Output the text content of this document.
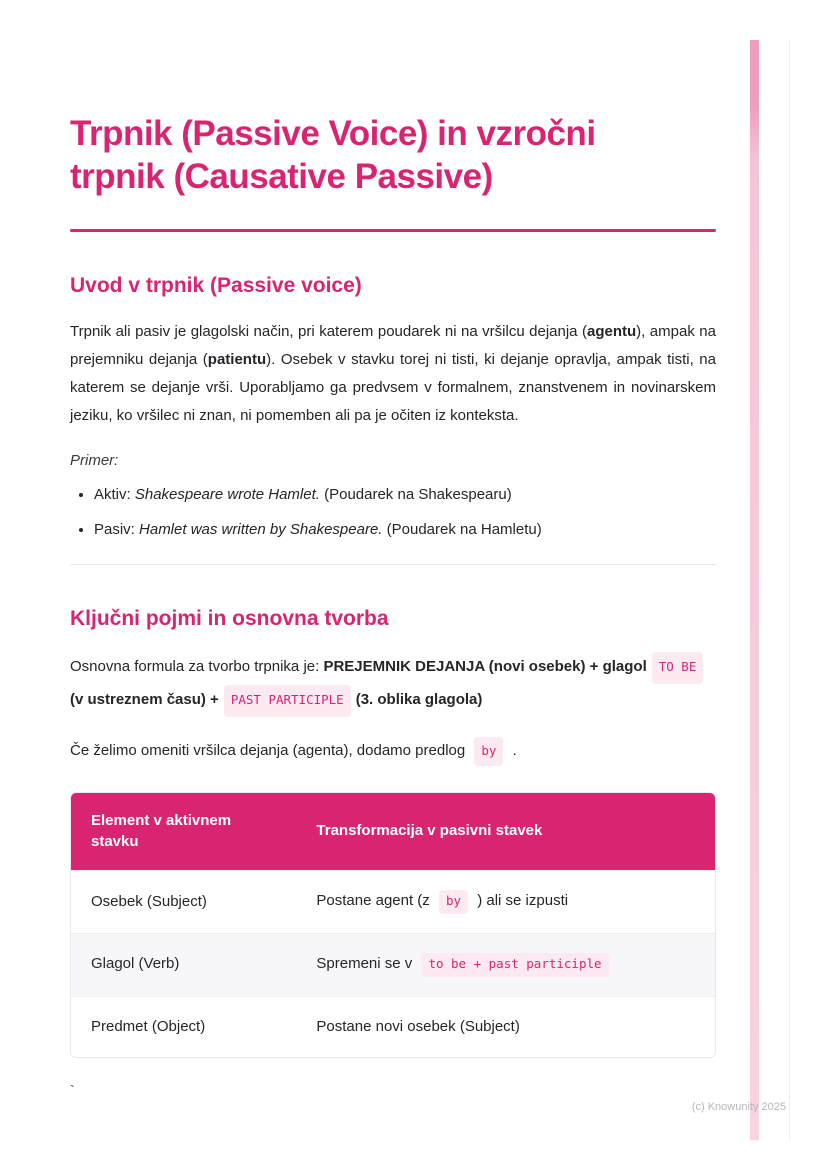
Trpnik (Passive Voice) in vzročni trpnik (Causative Passive)
Uvod v trpnik (Passive voice)

Trpnik ali pasiv je glagolski način, pri katerem poudarek ni na vršilcu dejanja (agentu), ampak na prejemniku dejanja (patientu). Osebek v stavku torej ni tisti, ki dejanje opravlja, ampak tisti, na katerem se dejanje vrši. Uporabljamo ga predvsem v formalnem, znanstvenem in novinarskem jeziku, ko vršilec ni znan, ni pomemben ali pa je očiten iz konteksta.

Primer:

• Aktiv: Shakespeare wrote Hamlet. (Poudarek na Shakespearu)
• Pasiv: Hamlet was written by Shakespeare. (Poudarek na Hamletu)
Ključni pojmi in osnovna tvorba

Osnovna formula za tvorbo trpnika je: PREJEMNIK DEJANJA (novi osebek) + glagol TO BE(v ustreznem času) + PAST PARTICIPLE (3. oblika glagola)

Če želimo omeniti vršilca dejanja (agenta), dodamo predlog by .

Element v aktivnem stavku	Transformacija v pasivni stavek
Osebek (Subject)	Postane agent (z by ) ali se izpusti
Glagol (Verb)	Spremeni se v to be + past participle
Predmet (Object)	Postane novi osebek (Subject)
`
(c) Knowunity 2025
